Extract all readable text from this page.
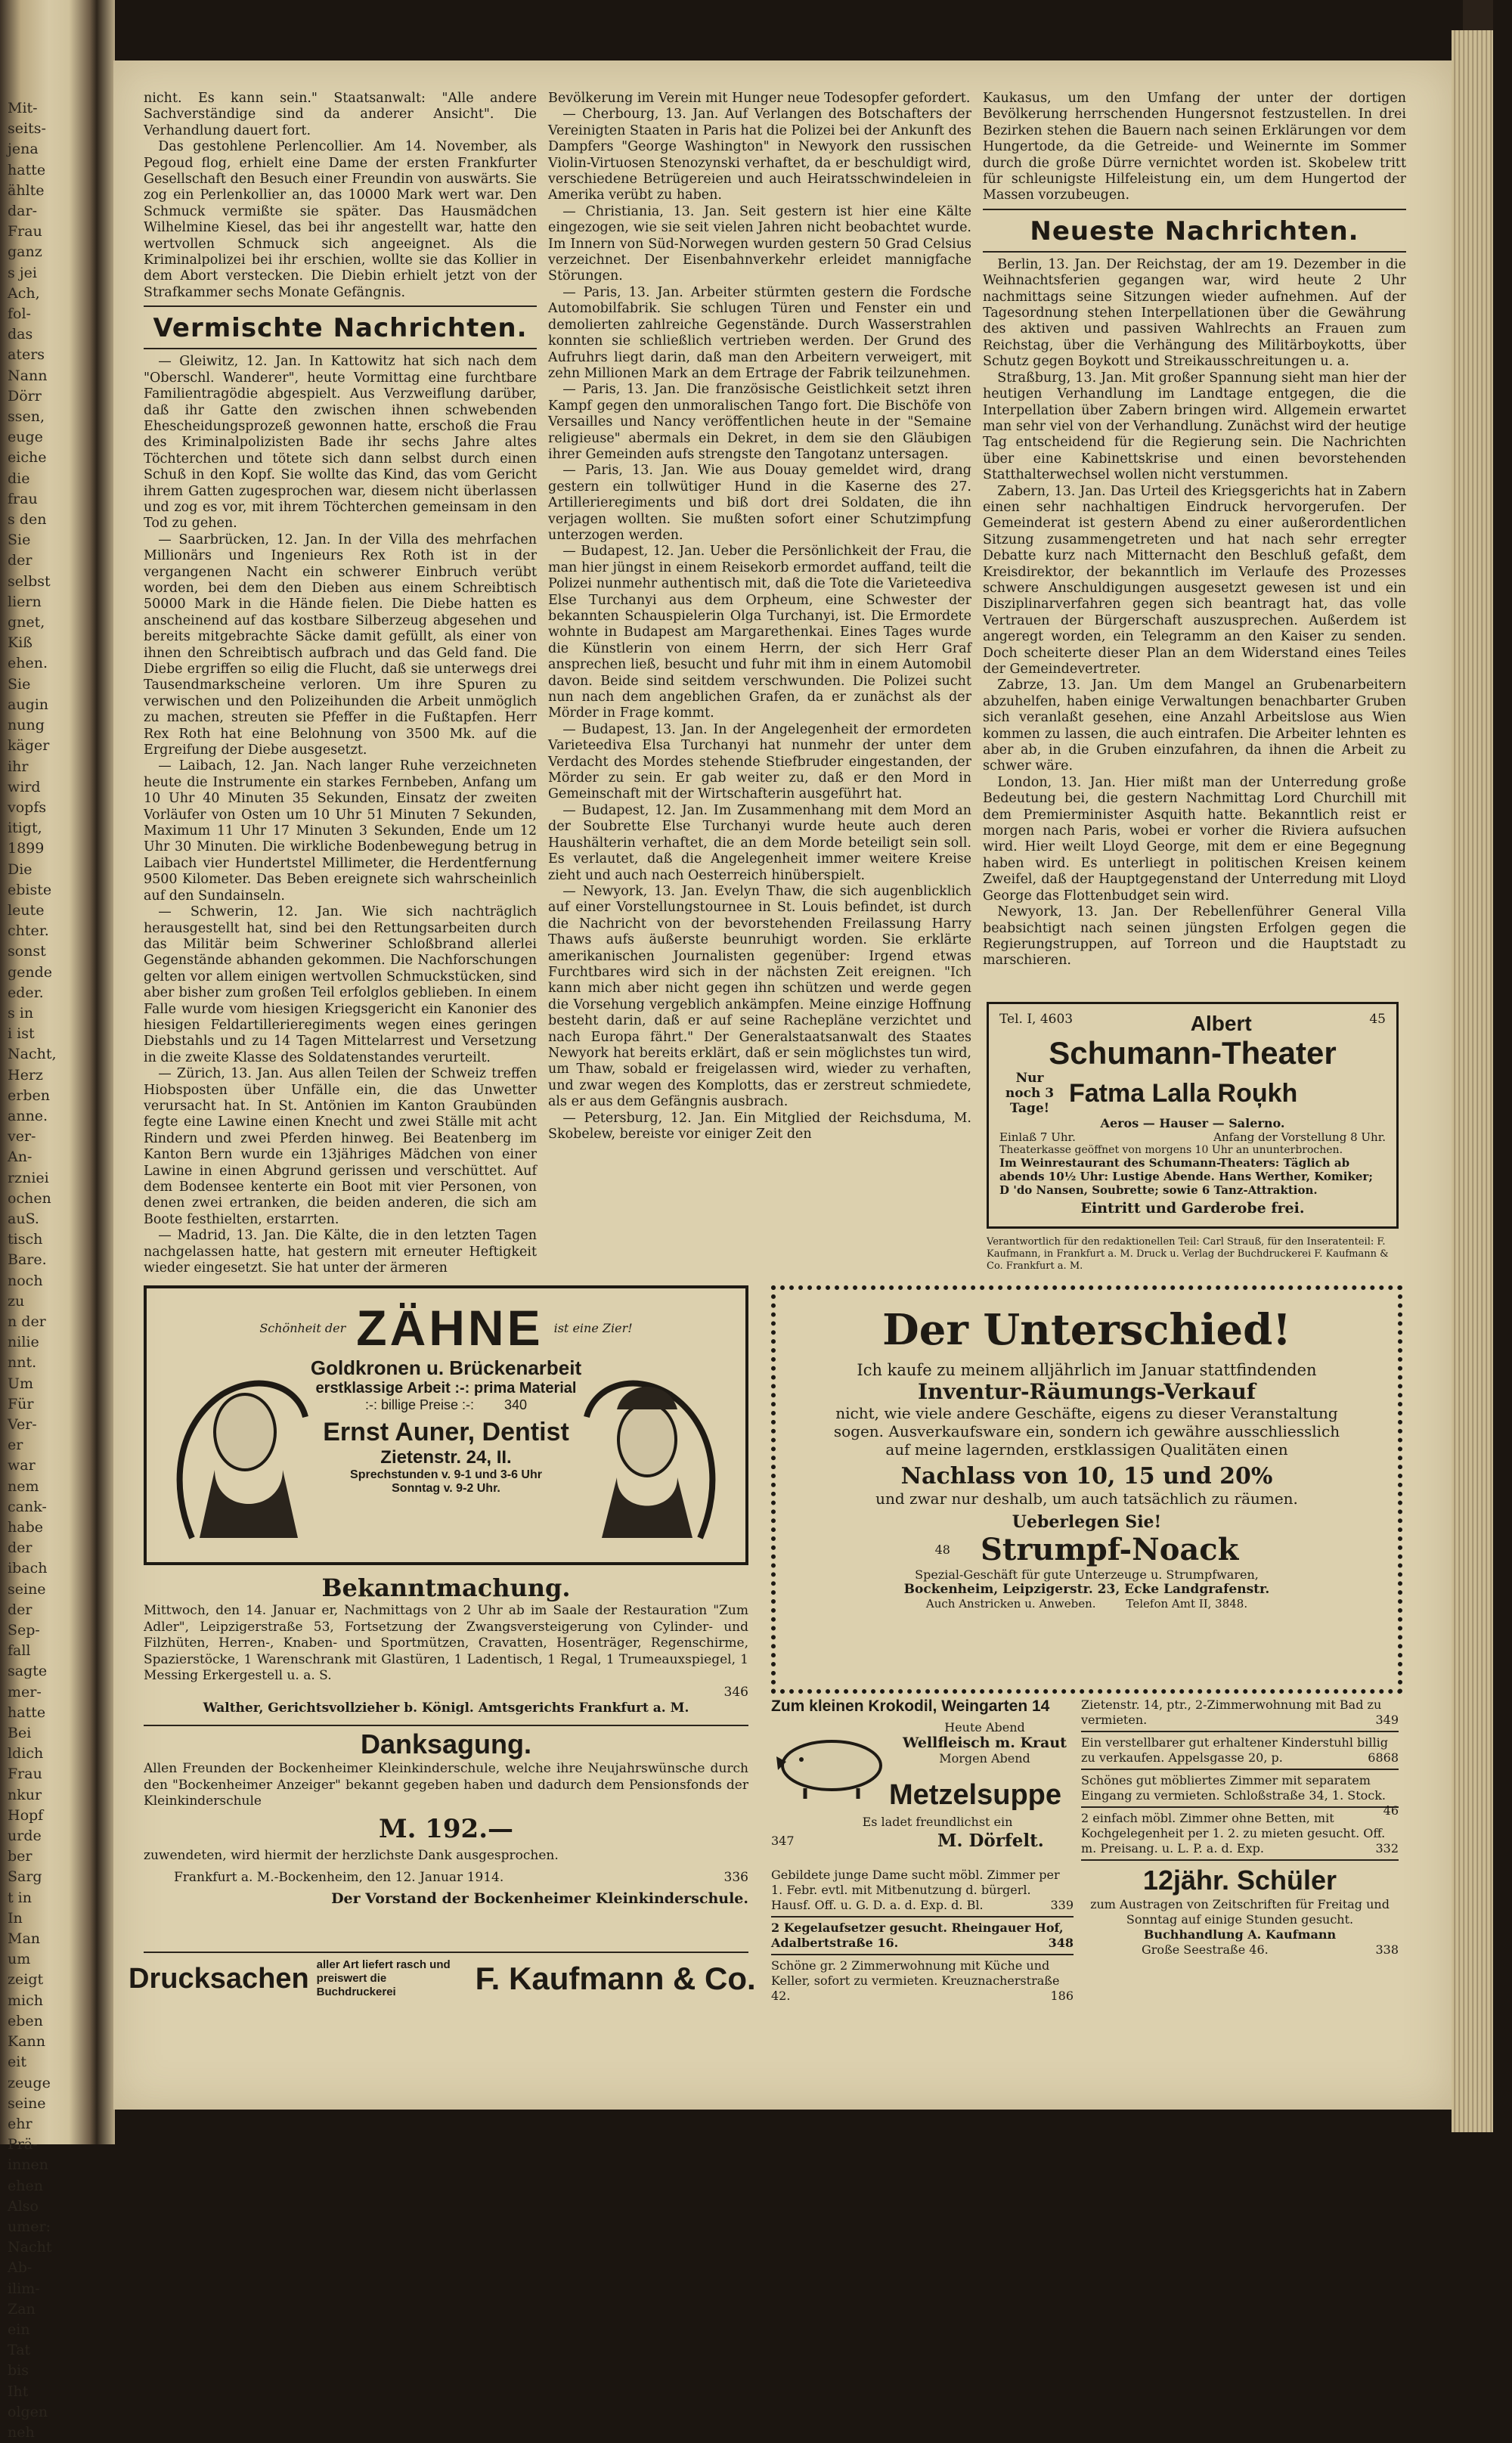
Mit-
seits-
jena
hatte
ählte
dar-
Frau
ganz
s jei
Ach,
fol-
das
aters
Nann
Dörr
ssen,
euge
eiche
die
frau
s den
Sie
der
selbst
liern
gnet,
Kiß
ehen.
Sie
augin
nung
käger
ihr
wird
vopfs
itigt,
1899
Die
ebiste
leute
chter.
sonst
gende
eder.
s in
i ist
Nacht,
Herz
erben
anne.
ver-
An-
rzniei
ochen
auS.
tisch
Bare.
noch
zu
n der
nilie
nnt.
Um
Für
Ver-
er
war
nem
cank-
habe
der
ibach
seine
der
Sep-
fall
sagte
mer-
hatte
Bei
ldich
Frau
nkur
Hopf
urde
ber
Sarg
t in
In
Man
um
zeigt
mich
eben
Kann
eit
zeuge
seine
ehr
Prä-
innen
ehen
Also
umer:
Nacht
Ab-
ilim-
Zan
ein
Tat
bis
Iht
olgen
neh

nicht. Es kann sein." Staatsanwalt: "Alle andere Sachverständige sind da anderer Ansicht". Die Verhandlung dauert fort.

Das gestohlene Perlencollier. Am 14. November, als Pegoud flog, erhielt eine Dame der ersten Frankfurter Gesellschaft den Besuch einer Freundin von auswärts. Sie zog ein Perlenkollier an, das 10000 Mark wert war. Den Schmuck vermißte sie später. Das Hausmädchen Wilhelmine Kiesel, das bei ihr angestellt war, hatte den wertvollen Schmuck sich angeeignet. Als die Kriminalpolizei bei ihr erschien, wollte sie das Kollier in dem Abort verstecken. Die Diebin erhielt jetzt von der Strafkammer sechs Monate Gefängnis.

Vermischte Nachrichten.

— Gleiwitz, 12. Jan. In Kattowitz hat sich nach dem "Oberschl. Wanderer", heute Vormittag eine furchtbare Familientragödie abgespielt. Aus Verzweiflung darüber, daß ihr Gatte den zwischen ihnen schwebenden Ehescheidungsprozeß gewonnen hatte, erschoß die Frau des Kriminalpolizisten Bade ihr sechs Jahre altes Töchterchen und tötete sich dann selbst durch einen Schuß in den Kopf. Sie wollte das Kind, das vom Gericht ihrem Gatten zugesprochen war, diesem nicht überlassen und zog es vor, mit ihrem Töchterchen gemeinsam in den Tod zu gehen.

— Saarbrücken, 12. Jan. In der Villa des mehrfachen Millionärs und Ingenieurs Rex Roth ist in der vergangenen Nacht ein schwerer Einbruch verübt worden, bei dem den Dieben aus einem Schreibtisch 50000 Mark in die Hände fielen. Die Diebe hatten es anscheinend auf das kostbare Silberzeug abgesehen und bereits mitgebrachte Säcke damit gefüllt, als einer von ihnen den Schreibtisch aufbrach und das Geld fand. Die Diebe ergriffen so eilig die Flucht, daß sie unterwegs drei Tausendmarkscheine verloren. Um ihre Spuren zu verwischen und den Polizeihunden die Arbeit unmöglich zu machen, streuten sie Pfeffer in die Fußtapfen. Herr Rex Roth hat eine Belohnung von 3500 Mk. auf die Ergreifung der Diebe ausgesetzt.

— Laibach, 12. Jan. Nach langer Ruhe verzeichneten heute die Instrumente ein starkes Fernbeben, Anfang um 10 Uhr 40 Minuten 35 Sekunden, Einsatz der zweiten Vorläufer von Osten um 10 Uhr 51 Minuten 7 Sekunden, Maximum 11 Uhr 17 Minuten 3 Sekunden, Ende um 12 Uhr 30 Minuten. Die wirkliche Bodenbewegung betrug in Laibach vier Hundertstel Millimeter, die Herdentfernung 9500 Kilometer. Das Beben ereignete sich wahrscheinlich auf den Sundainseln.

— Schwerin, 12. Jan. Wie sich nachträglich herausgestellt hat, sind bei den Rettungsarbeiten durch das Militär beim Schweriner Schloßbrand allerlei Gegenstände abhanden gekommen. Die Nachforschungen gelten vor allem einigen wertvollen Schmuckstücken, sind aber bisher zum großen Teil erfolglos geblieben. In einem Falle wurde vom hiesigen Kriegsgericht ein Kanonier des hiesigen Feldartillerieregiments wegen eines geringen Diebstahls und zu 14 Tagen Mittelarrest und Versetzung in die zweite Klasse des Soldatenstandes verurteilt.

— Zürich, 13. Jan. Aus allen Teilen der Schweiz treffen Hiobsposten über Unfälle ein, die das Unwetter verursacht hat. In St. Antönien im Kanton Graubünden fegte eine Lawine einen Knecht und zwei Ställe mit acht Rindern und zwei Pferden hinweg. Bei Beatenberg im Kanton Bern wurde ein 13jähriges Mädchen von einer Lawine in einen Abgrund gerissen und verschüttet. Auf dem Bodensee kenterte ein Boot mit vier Personen, von denen zwei ertranken, die beiden anderen, die sich am Boote festhielten, erstarrten.

— Madrid, 13. Jan. Die Kälte, die in den letzten Tagen nachgelassen hatte, hat gestern mit erneuter Heftigkeit wieder eingesetzt. Sie hat unter der ärmeren

Bevölkerung im Verein mit Hunger neue Todesopfer gefordert.

— Cherbourg, 13. Jan. Auf Verlangen des Botschafters der Vereinigten Staaten in Paris hat die Polizei bei der Ankunft des Dampfers "George Washington" in Newyork den russischen Violin-Virtuosen Stenozynski verhaftet, da er beschuldigt wird, verschiedene Betrügereien und auch Heiratsschwindeleien in Amerika verübt zu haben.

— Christiania, 13. Jan. Seit gestern ist hier eine Kälte eingezogen, wie sie seit vielen Jahren nicht beobachtet wurde. Im Innern von Süd-Norwegen wurden gestern 50 Grad Celsius verzeichnet. Der Eisenbahnverkehr erleidet mannigfache Störungen.

— Paris, 13. Jan. Arbeiter stürmten gestern die Fordsche Automobilfabrik. Sie schlugen Türen und Fenster ein und demolierten zahlreiche Gegenstände. Durch Wasserstrahlen konnten sie schließlich vertrieben werden. Der Grund des Aufruhrs liegt darin, daß man den Arbeitern verweigert, mit zehn Millionen Mark an dem Ertrage der Fabrik teilzunehmen.

— Paris, 13. Jan. Die französische Geistlichkeit setzt ihren Kampf gegen den unmoralischen Tango fort. Die Bischöfe von Versailles und Nancy veröffentlichen heute in der "Semaine religieuse" abermals ein Dekret, in dem sie den Gläubigen ihrer Gemeinden aufs strengste den Tangotanz untersagen.

— Paris, 13. Jan. Wie aus Douay gemeldet wird, drang gestern ein tollwütiger Hund in die Kaserne des 27. Artillerieregiments und biß dort drei Soldaten, die ihn verjagen wollten. Sie mußten sofort einer Schutzimpfung unterzogen werden.

— Budapest, 12. Jan. Ueber die Persönlichkeit der Frau, die man hier jüngst in einem Reisekorb ermordet auffand, teilt die Polizei nunmehr authentisch mit, daß die Tote die Varieteediva Else Turchanyi aus dem Orpheum, eine Schwester der bekannten Schauspielerin Olga Turchanyi, ist. Die Ermordete wohnte in Budapest am Margarethenkai. Eines Tages wurde die Künstlerin von einem Herrn, der sich Herr Graf ansprechen ließ, besucht und fuhr mit ihm in einem Automobil davon. Beide sind seitdem verschwunden. Die Polizei sucht nun nach dem angeblichen Grafen, da er zunächst als der Mörder in Frage kommt.

— Budapest, 13. Jan. In der Angelegenheit der ermordeten Varieteediva Elsa Turchanyi hat nunmehr der unter dem Verdacht des Mordes stehende Stiefbruder eingestanden, der Mörder zu sein. Er gab weiter zu, daß er den Mord in Gemeinschaft mit der Wirtschafterin ausgeführt hat.

— Budapest, 12. Jan. Im Zusammenhang mit dem Mord an der Soubrette Else Turchanyi wurde heute auch deren Haushälterin verhaftet, die an dem Morde beteiligt sein soll. Es verlautet, daß die Angelegenheit immer weitere Kreise zieht und auch nach Oesterreich hinüberspielt.

— Newyork, 13. Jan. Evelyn Thaw, die sich augenblicklich auf einer Vorstellungstournee in St. Louis befindet, ist durch die Nachricht von der bevorstehenden Freilassung Harry Thaws aufs äußerste beunruhigt worden. Sie erklärte amerikanischen Journalisten gegenüber: Irgend etwas Furchtbares wird sich in der nächsten Zeit ereignen. "Ich kann mich aber nicht gegen ihn schützen und werde gegen die Vorsehung vergeblich ankämpfen. Meine einzige Hoffnung besteht darin, daß er auf seine Rachepläne verzichtet und nach Europa fährt." Der Generalstaatsanwalt des Staates Newyork hat bereits erklärt, daß er sein möglichstes tun wird, um Thaw, sobald er freigelassen wird, wieder zu verhaften, und zwar wegen des Komplotts, das er zerstreut schmiedete, als er aus dem Gefängnis ausbrach.

— Petersburg, 12. Jan. Ein Mitglied der Reichsduma, M. Skobelew, bereiste vor einiger Zeit den

Kaukasus, um den Umfang der unter der dortigen Bevölkerung herrschenden Hungersnot festzustellen. In drei Bezirken stehen die Bauern nach seinen Erklärungen vor dem Hungertode, da die Getreide- und Weinernte im Sommer durch die große Dürre vernichtet worden ist. Skobelew tritt für schleunigste Hilfeleistung ein, um dem Hungertod der Massen vorzubeugen.

Neueste Nachrichten.

Berlin, 13. Jan. Der Reichstag, der am 19. Dezember in die Weihnachtsferien gegangen war, wird heute 2 Uhr nachmittags seine Sitzungen wieder aufnehmen. Auf der Tagesordnung stehen Interpellationen über die Gewährung des aktiven und passiven Wahlrechts an Frauen zum Reichstag, über die Verhängung des Militärboykotts, über Schutz gegen Boykott und Streikausschreitungen u. a.

Straßburg, 13. Jan. Mit großer Spannung sieht man hier der heutigen Verhandlung im Landtage entgegen, die die Interpellation über Zabern bringen wird. Allgemein erwartet man sehr viel von der Verhandlung. Zunächst wird der heutige Tag entscheidend für die Regierung sein. Die Nachrichten über eine Kabinettskrise und einen bevorstehenden Statthalterwechsel wollen nicht verstummen.

Zabern, 13. Jan. Das Urteil des Kriegsgerichts hat in Zabern einen sehr nachhaltigen Eindruck hervorgerufen. Der Gemeinderat ist gestern Abend zu einer außerordentlichen Sitzung zusammengetreten und hat nach sehr erregter Debatte kurz nach Mitternacht den Beschluß gefaßt, dem Kreisdirektor, der bekanntlich im Verlaufe des Prozesses schwere Anschuldigungen ausgesetzt gewesen ist und ein Disziplinarverfahren gegen sich beantragt hat, das volle Vertrauen der Bürgerschaft auszusprechen. Außerdem ist angeregt worden, ein Telegramm an den Kaiser zu senden. Doch scheiterte dieser Plan an dem Widerstand eines Teiles der Gemeindevertreter.

Zabrze, 13. Jan. Um dem Mangel an Grubenarbeitern abzuhelfen, haben einige Verwaltungen benachbarter Gruben sich veranlaßt gesehen, eine Anzahl Arbeitslose aus Wien kommen zu lassen, die auch eintrafen. Die Arbeiter lehnten es aber ab, in die Gruben einzufahren, da ihnen die Arbeit zu schwer wäre.

London, 13. Jan. Hier mißt man der Unterredung große Bedeutung bei, die gestern Nachmittag Lord Churchill mit dem Premierminister Asquith hatte. Bekanntlich reist er morgen nach Paris, wobei er vorher die Riviera aufsuchen wird. Hier weilt Lloyd George, mit dem er eine Begegnung haben wird. Es unterliegt in politischen Kreisen keinem Zweifel, daß der Hauptgegenstand der Unterredung mit Lloyd George das Flottenbudget sein wird.

Newyork, 13. Jan. Der Rebellenführer General Villa beabsichtigt nach seinen jüngsten Erfolgen gegen die Regierungstruppen, auf Torreon und die Hauptstadt zu marschieren.

Tel. I, 4603	Albert	45
Schumann-Theater
Nur noch 3 Tage!
Fatma Lalla Rou̦kh
Aeros — Hauser — Salerno.
Einlaß 7 Uhr.	Anfang der Vorstellung 8 Uhr.
Theaterkasse geöffnet von morgens 10 Uhr an ununterbrochen.
Im Weinrestaurant des Schumann-Theaters: Täglich ab abends 10½ Uhr: Lustige Abende. Hans Werther, Komiker; D 'do Nansen, Soubrette; sowie 6 Tanz-Attraktion.
Eintritt und Garderobe frei.
Verantwortlich für den redaktionellen Teil: Carl Strauß, für den Inseratenteil: F. Kaufmann, in Frankfurt a. M. Druck u. Verlag der Buchdruckerei F. Kaufmann & Co. Frankfurt a. M.
Schönheit der ZÄHNE ist eine Zier!
Goldkronen u. Brückenarbeit
erstklassige Arbeit :-: prima Material
:-: billige Preise :-: 340
Ernst Auner, Dentist
Zietenstr. 24, II.
Sprechstunden v. 9-1 und 3-6 Uhr
Sonntag v. 9-2 Uhr.
Bekanntmachung.
Mittwoch, den 14. Januar er, Nachmittags von 2 Uhr ab im Saale der Restauration "Zum Adler", Leipzigerstraße 53, Fortsetzung der Zwangsversteigerung von Cylinder- und Filzhüten, Herren-, Knaben- und Sportmützen, Cravatten, Hosenträger, Regenschirme, Spazierstöcke, 1 Warenschrank mit Glastüren, 1 Ladentisch, 1 Regal, 1 Trumeauxspiegel, 1 Messing Erkergestell u. a. S.
346
Walther, Gerichtsvollzieher b. Königl. Amtsgerichts Frankfurt a. M.
Danksagung.
Allen Freunden der Bockenheimer Kleinkinderschule, welche ihre Neujahrswünsche durch den "Bockenheimer Anzeiger" bekannt gegeben haben und dadurch dem Pensionsfonds der Kleinkinderschule
M. 192.—
zuwendeten, wird hiermit der herzlichste Dank ausgesprochen.
Frankfurt a. M.-Bockenheim, den 12. Januar 1914.	336
Der Vorstand der Bockenheimer Kleinkinderschule.
Drucksachen aller Art liefert rasch und preiswert die Buchdruckerei	F. Kaufmann & Co.
Der Unterschied!
Ich kaufe zu meinem alljährlich im Januar stattfindenden
Inventur-Räumungs-Verkauf
nicht, wie viele andere Geschäfte, eigens zu dieser Veranstaltung
sogen. Ausverkaufsware ein, sondern ich gewähre ausschliesslich
auf meine lagernden, erstklassigen Qualitäten einen
Nachlass von 10, 15 und 20%
und zwar nur deshalb, um auch tatsächlich zu räumen.
Ueberlegen Sie!
48 Strumpf-Noack
Spezial-Geschäft für gute Unterzeuge u. Strumpfwaren,
Bockenheim, Leipzigerstr. 23, Ecke Landgrafenstr.
Auch Anstricken u. Anweben.	Telefon Amt II, 3848.
Zum kleinen Krokodil, Weingarten 14
Heute Abend
Wellfleisch m. Kraut
Morgen Abend
Metzelsuppe
Es ladet freundlichst ein
347	M. Dörfelt.
Gebildete junge Dame sucht möbl. Zimmer per 1. Febr. evtl. mit Mitbenutzung d. bürgerl. Hausf. Off. u. G. D. a. d. Exp. d. Bl.	339
2 Kegelaufsetzer gesucht. Rheingauer Hof, Adalbertstraße 16.	348
Schöne gr. 2 Zimmerwohnung mit Küche und Keller, sofort zu vermieten. Kreuznacherstraße 42.	186
Zietenstr. 14, ptr., 2-Zimmerwohnung mit Bad zu vermieten.	349
Ein verstellbarer gut erhaltener Kinderstuhl billig zu verkaufen. Appelsgasse 20, p.	6868
Schönes gut möbliertes Zimmer mit separatem Eingang zu vermieten. Schloßstraße 34, 1. Stock.
46
2 einfach möbl. Zimmer ohne Betten, mit Kochgelegenheit per 1. 2. zu mieten gesucht. Off. m. Preisang. u. L. P. a. d. Exp.	332
12jähr. Schüler
zum Austragen von Zeitschriften für Freitag und Sonntag auf einige Stunden gesucht.
Buchhandlung A. Kaufmann
Große Seestraße 46.	338
